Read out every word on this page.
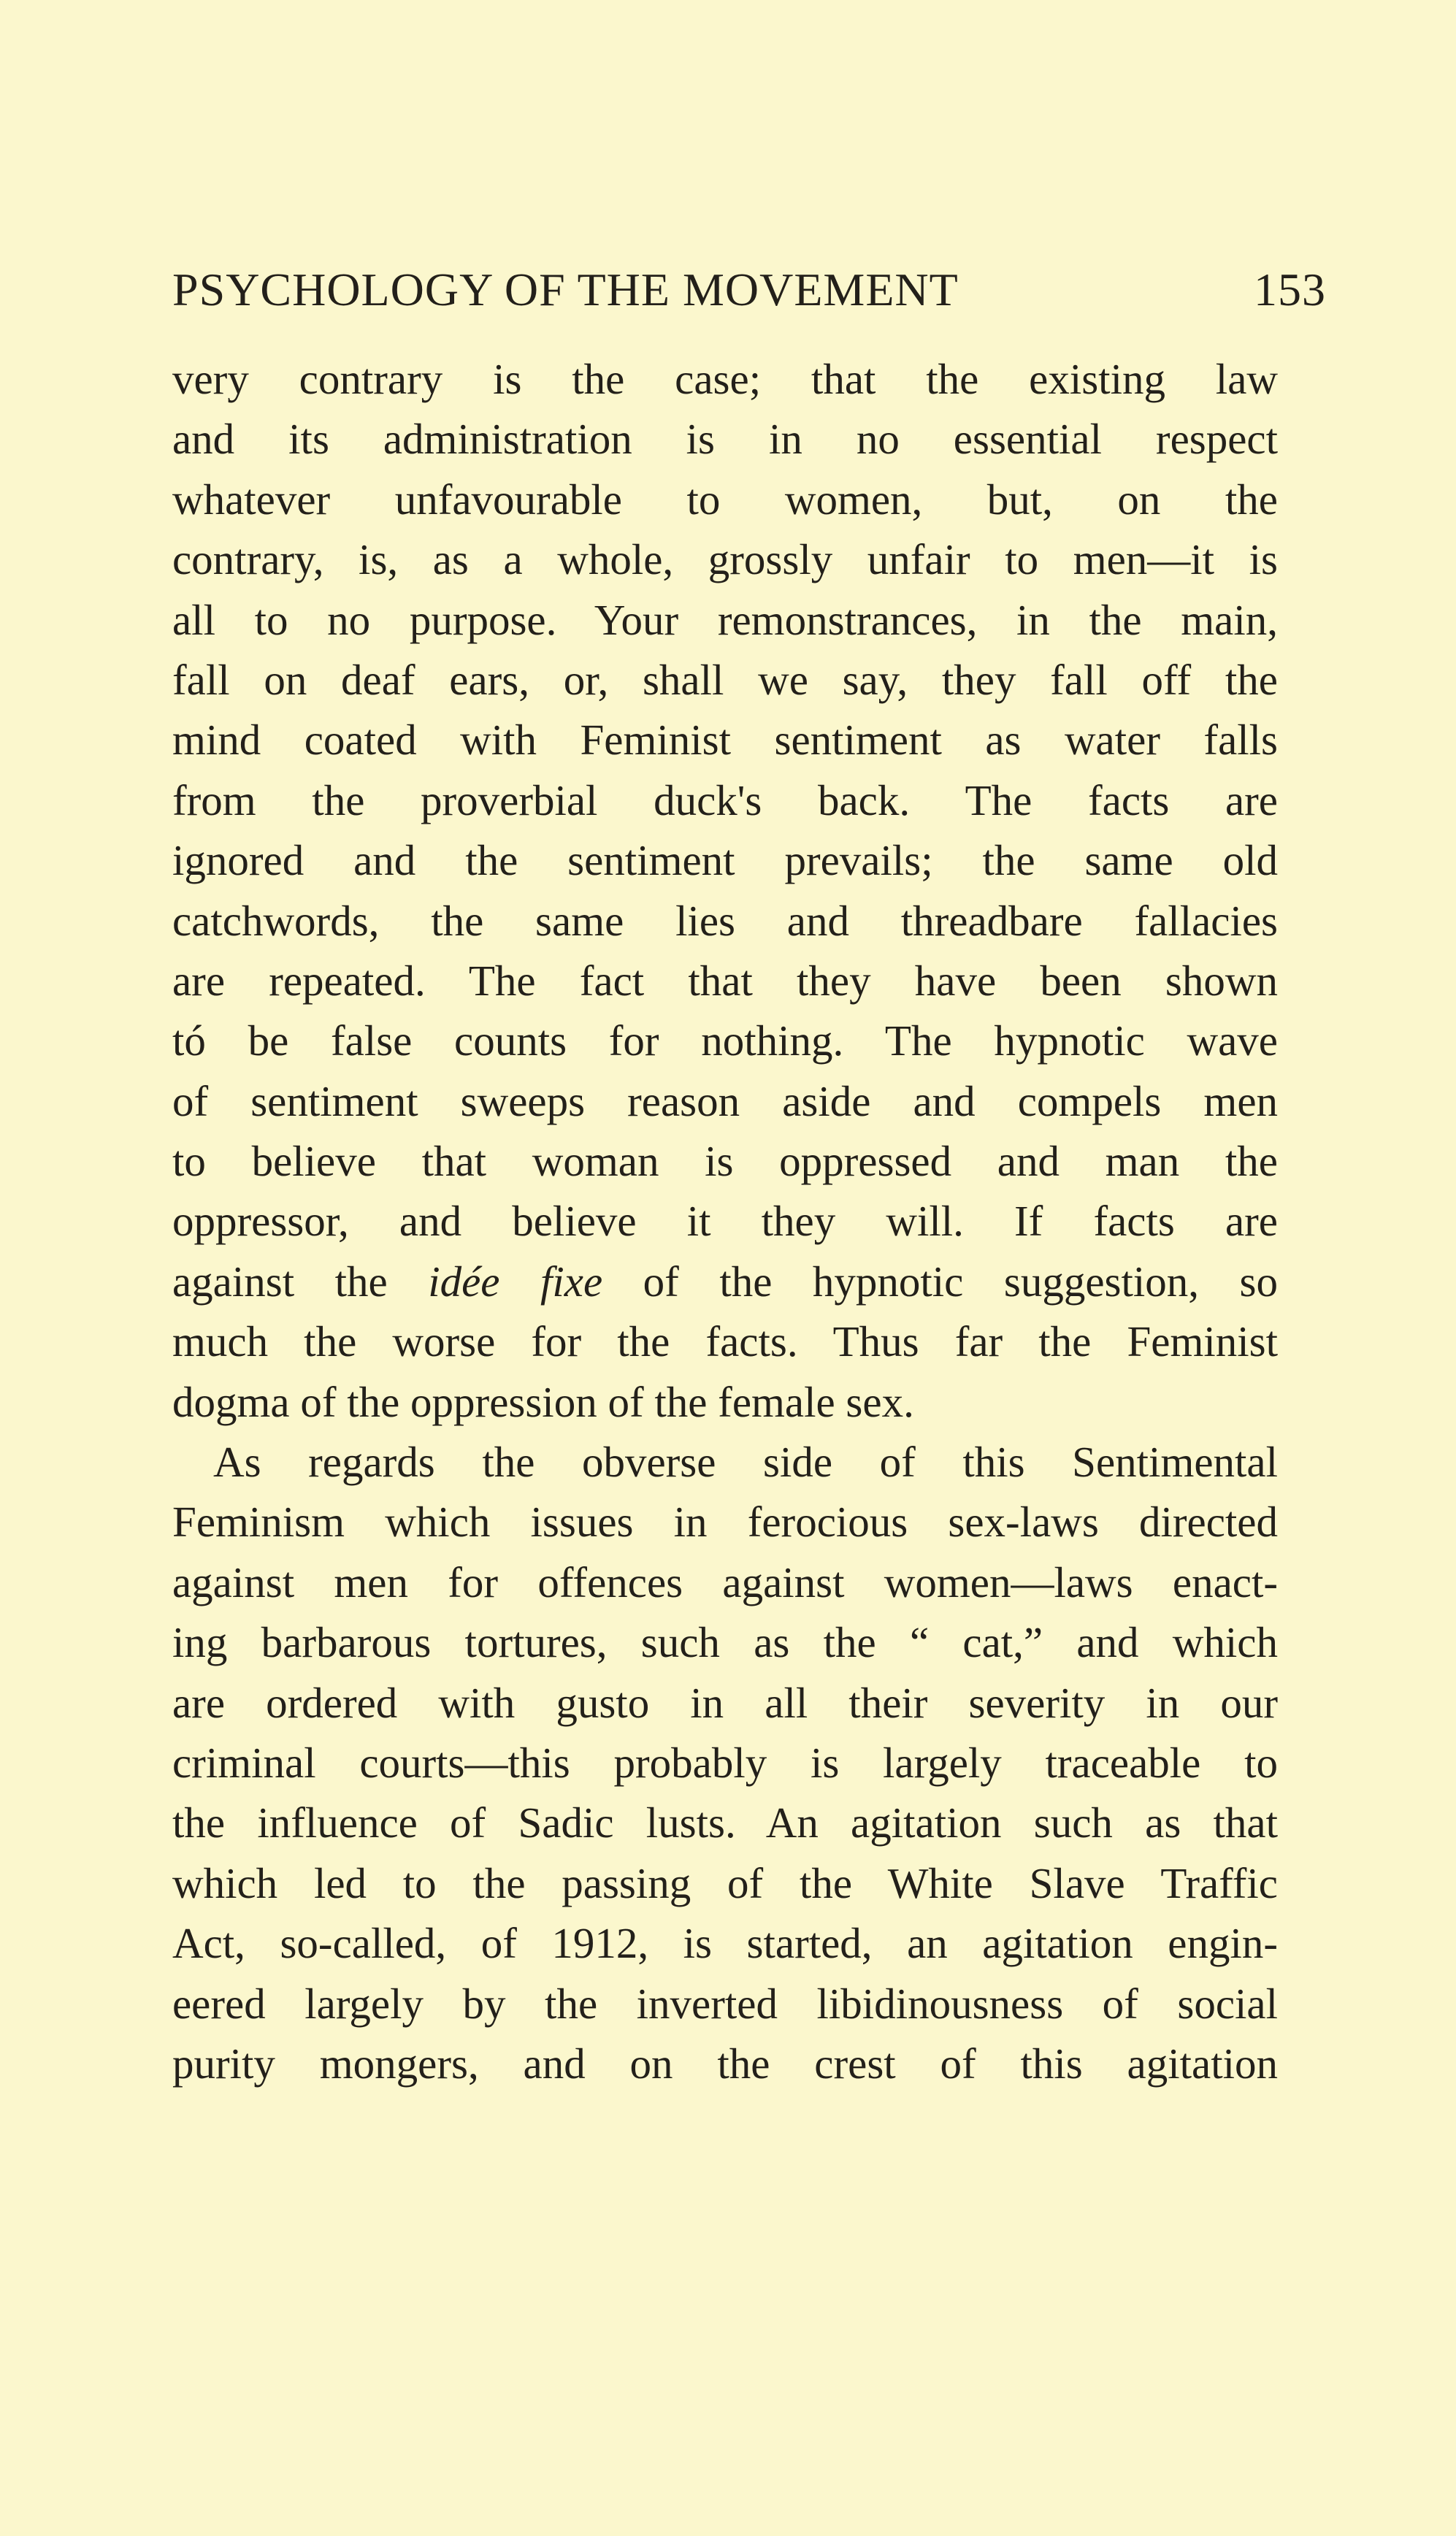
PSYCHOLOGY OF THE MOVEMENT	153
very contrary is the case; that the existing law
and its administration is in no essential respect
whatever unfavourable to women, but, on the
contrary, is, as a whole, grossly unfair to men—it is
all to no purpose. Your remonstrances, in the main,
fall on deaf ears, or, shall we say, they fall off the
mind coated with Feminist sentiment as water falls
from the proverbial duck's back. The facts are
ignored and the sentiment prevails; the same old
catchwords, the same lies and threadbare fallacies
are repeated. The fact that they have been shown
tó be false counts for nothing. The hypnotic wave
of sentiment sweeps reason aside and compels men
to believe that woman is oppressed and man the
oppressor, and believe it they will. If facts are
against the idée fixe of the hypnotic suggestion, so
much the worse for the facts. Thus far the Feminist
dogma of the oppression of the female sex.
As regards the obverse side of this Sentimental
Feminism which issues in ferocious sex-laws directed
against men for offences against women—laws enact-
ing barbarous tortures, such as the “ cat,” and which
are ordered with gusto in all their severity in our
criminal courts—this probably is largely traceable to
the influence of Sadic lusts. An agitation such as that
which led to the passing of the White Slave Traffic
Act, so-called, of 1912, is started, an agitation engin-
eered largely by the inverted libidinousness of social
purity mongers, and on the crest of this agitation
